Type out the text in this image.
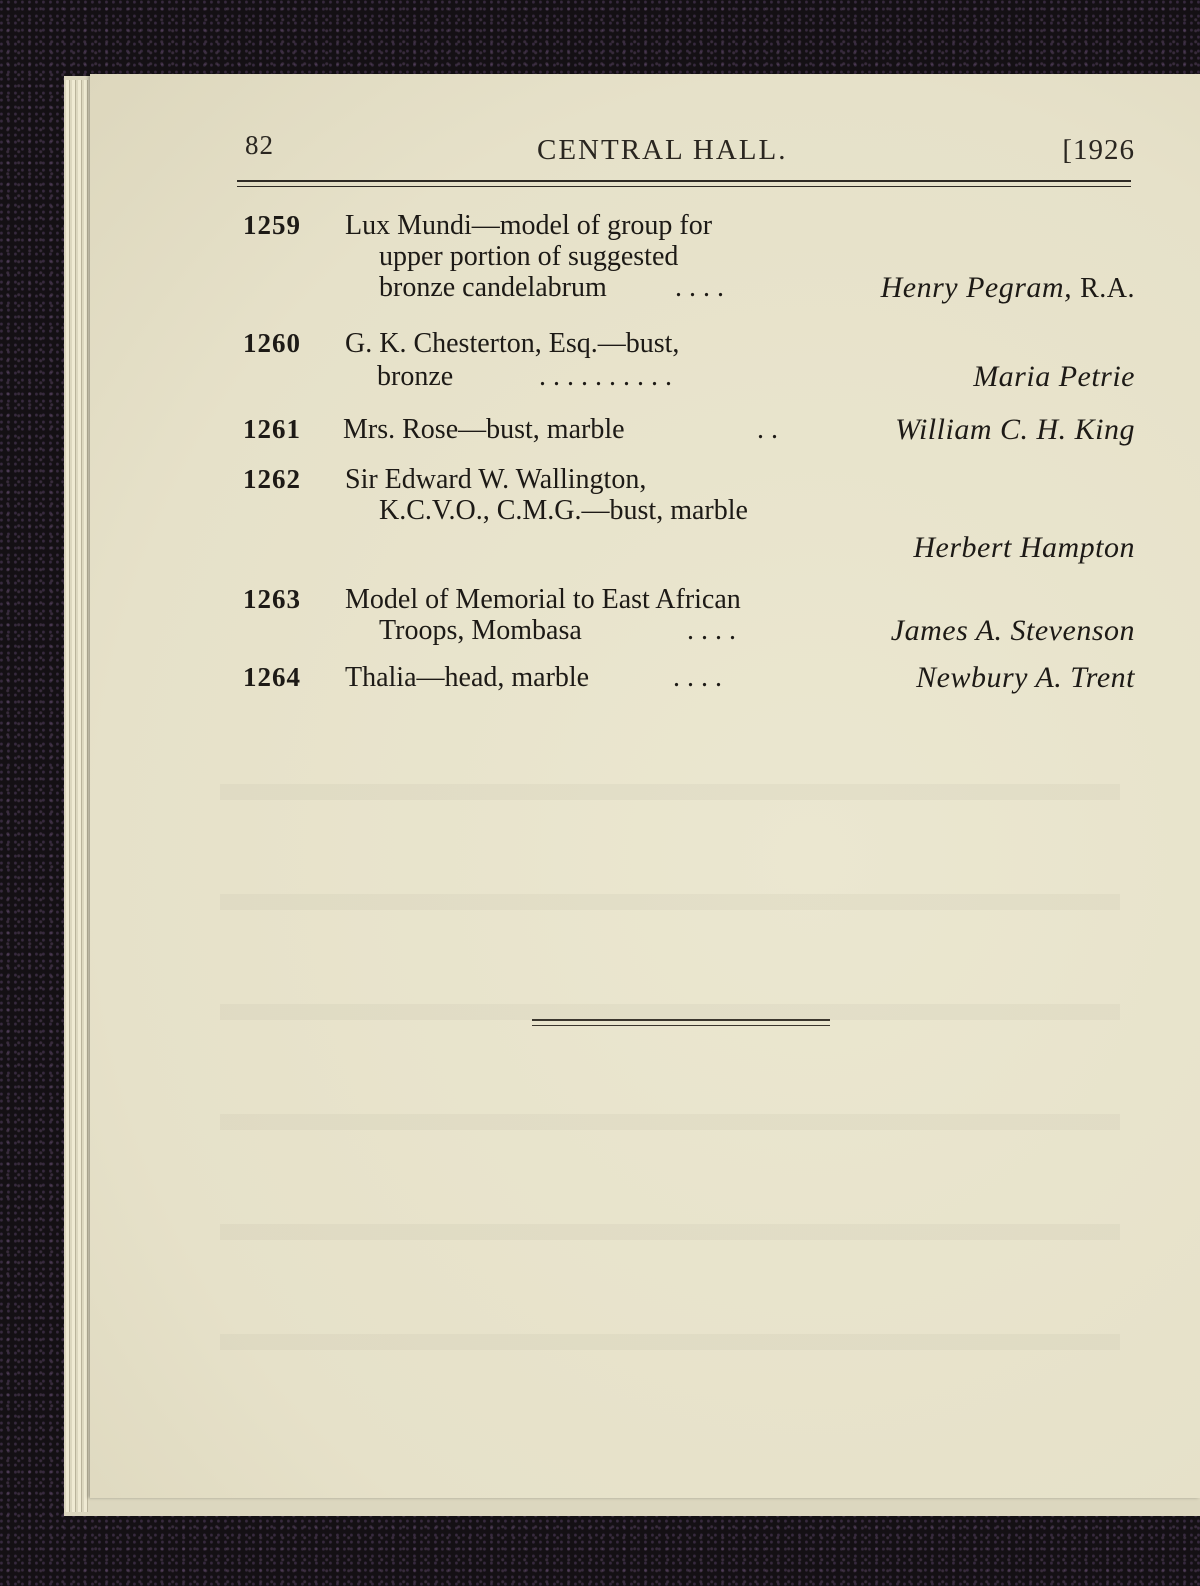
82	CENTRAL HALL.	[1926
1259 Lux Mundi—model of group for
upper portion of suggested
bronze candelabrum . . . .	Henry Pegram, R.A.
1260 G. K. Chesterton, Esq.—bust,
bronze	. . . . . . . . . .	Maria Petrie
1261 Mrs. Rose—bust, marble	. .	William C. H. King
1262 Sir Edward W. Wallington,
K.C.V.O., C.M.G.—bust, marble
Herbert Hampton
1263 Model of Memorial to East African
Troops, Mombasa	. . . .	James A. Stevenson
1264 Thalia—head, marble	. . . .	Newbury A. Trent
